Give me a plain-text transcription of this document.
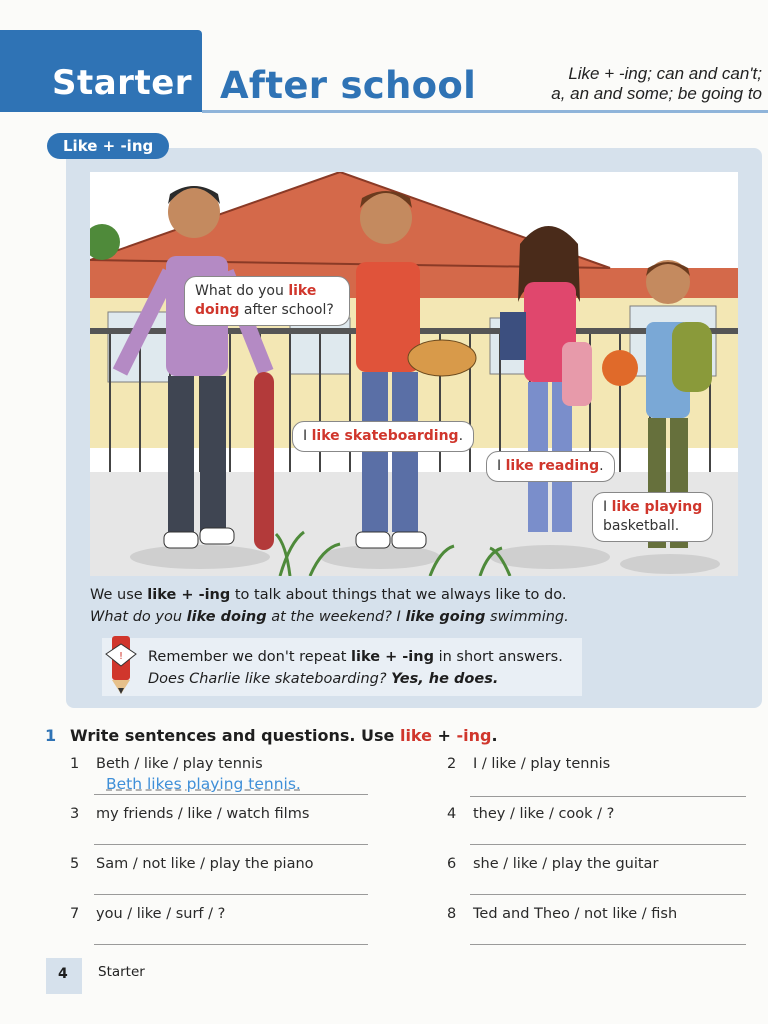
Starter After school	Like + -ing; can and can't;
a, an and some; be going to
Like + -ing
What do you like
doing after school?
I like skateboarding.
I like reading.
I like playing
basketball.
We use like + -ing to talk about things that we always like to do.
What do you like doing at the weekend? I like going swimming.
! Remember we don't repeat like + -ing in short answers.
Does Charlie like skateboarding? Yes, he does.
1 Write sentences and questions. Use like + -ing.
1 Beth / like / play tennis
Beth likes playing tennis.
3 my friends / like / watch films
5 Sam / not like / play the piano
7 you / like / surf / ?
2 I / like / play tennis
4 they / like / cook / ?
6 she / like / play the guitar
8 Ted and Theo / not like / fish
4 Starter
